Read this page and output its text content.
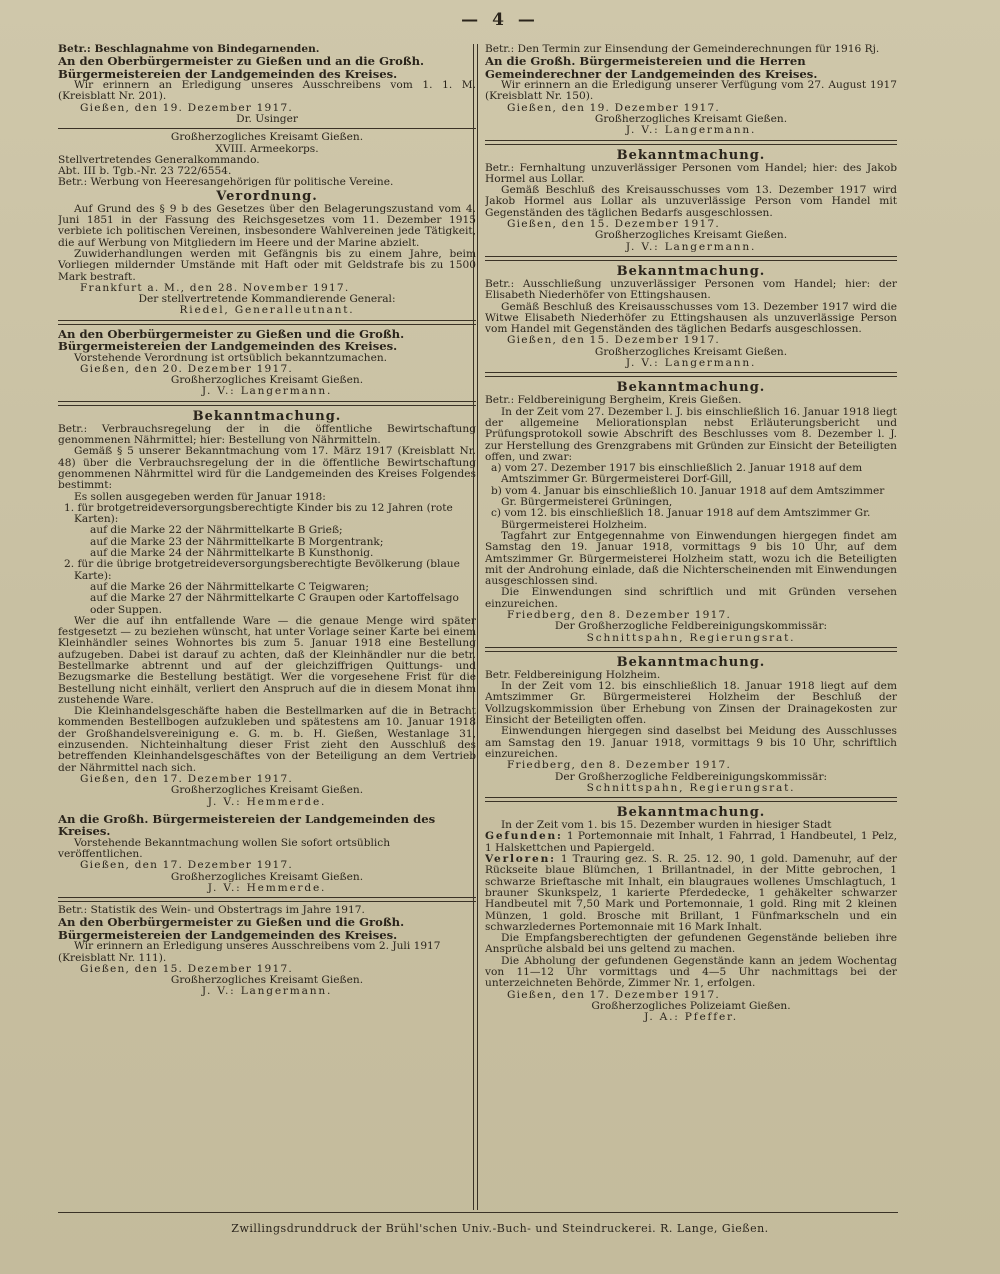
— 4 —

Betr.: Beschlagnahme von Bindegarnenden.

An den Oberbürgermeister zu Gießen und an die Großh. Bürgermeistereien der Landgemeinden des Kreises.

Wir erinnern an Erledigung unseres Ausschreibens vom 1. 1. M. (Kreisblatt Nr. 201).

Gießen, den 19. Dezember 1917.

Dr. Usinger

Großherzogliches Kreisamt Gießen.

XVIII. Armeekorps.

Stellvertretendes Generalkommando.

Abt. III b. Tgb.-Nr. 23 722/6554.

Betr.: Werbung von Heeresangehörigen für politische Vereine.

Verordnung.

Auf Grund des § 9 b des Gesetzes über den Belagerungszustand vom 4. Juni 1851 in der Fassung des Reichsgesetzes vom 11. Dezember 1915 verbiete ich politischen Vereinen, insbesondere Wahlvereinen jede Tätigkeit, die auf Werbung von Mitgliedern im Heere und der Marine abzielt.

Zuwiderhandlungen werden mit Gefängnis bis zu einem Jahre, beim Vorliegen mildernder Umstände mit Haft oder mit Geldstrafe bis zu 1500 Mark bestraft.

Frankfurt a. M., den 28. November 1917.

Der stellvertretende Kommandierende General:

Riedel, Generalleutnant.

An den Oberbürgermeister zu Gießen und die Großh. Bürgermeistereien der Landgemeinden des Kreises.

Vorstehende Verordnung ist ortsüblich bekanntzumachen.

Gießen, den 20. Dezember 1917.

Großherzogliches Kreisamt Gießen.

J. V.: Langermann.

Bekanntmachung.

Betr.: Verbrauchsregelung der in die öffentliche Bewirtschaftung genommenen Nährmittel; hier: Bestellung von Nährmitteln.

Gemäß § 5 unserer Bekanntmachung vom 17. März 1917 (Kreisblatt Nr. 48) über die Verbrauchsregelung der in die öffentliche Bewirtschaftung genommenen Nährmittel wird für die Landgemeinden des Kreises Folgendes bestimmt:

Es sollen ausgegeben werden für Januar 1918:

1. für brotgetreideversorgungsberechtigte Kinder bis zu 12 Jahren (rote Karten):

auf die Marke 22 der Nährmittelkarte B Grieß;

auf die Marke 23 der Nährmittelkarte B Morgentrank;

auf die Marke 24 der Nährmittelkarte B Kunsthonig.

2. für die übrige brotgetreideversorgungsberechtigte Bevölkerung (blaue Karte):

auf die Marke 26 der Nährmittelkarte C Teigwaren;

auf die Marke 27 der Nährmittelkarte C Graupen oder Kartoffelsago oder Suppen.

Wer die auf ihn entfallende Ware — die genaue Menge wird später festgesetzt — zu beziehen wünscht, hat unter Vorlage seiner Karte bei einem Kleinhändler seines Wohnortes bis zum 5. Januar 1918 eine Bestellung aufzugeben. Dabei ist darauf zu achten, daß der Kleinhändler nur die betr. Bestellmarke abtrennt und auf der gleichziffrigen Quittungs- und Bezugsmarke die Bestellung bestätigt. Wer die vorgesehene Frist für die Bestellung nicht einhält, verliert den Anspruch auf die in diesem Monat ihm zustehende Ware.

Die Kleinhandelsgeschäfte haben die Bestellmarken auf die in Betracht kommenden Bestellbogen aufzukleben und spätestens am 10. Januar 1918 der Großhandelsvereinigung e. G. m. b. H. Gießen, Westanlage 31, einzusenden. Nichteinhaltung dieser Frist zieht den Ausschluß des betreffenden Kleinhandelsgeschäftes von der Beteiligung an dem Vertrieb der Nährmittel nach sich.

Gießen, den 17. Dezember 1917.

Großherzogliches Kreisamt Gießen.

J. V.: Hemmerde.

An die Großh. Bürgermeistereien der Landgemeinden des Kreises.

Vorstehende Bekanntmachung wollen Sie sofort ortsüblich veröffentlichen.

Gießen, den 17. Dezember 1917.

Großherzogliches Kreisamt Gießen.

J. V.: Hemmerde.

Betr.: Statistik des Wein- und Obstertrags im Jahre 1917.

An den Oberbürgermeister zu Gießen und die Großh. Bürgermeistereien der Landgemeinden des Kreises.

Wir erinnern an Erledigung unseres Ausschreibens vom 2. Juli 1917 (Kreisblatt Nr. 111).

Gießen, den 15. Dezember 1917.

Großherzogliches Kreisamt Gießen.

J. V.: Langermann.

Betr.: Den Termin zur Einsendung der Gemeinderechnungen für 1916 Rj.

An die Großh. Bürgermeistereien und die Herren Gemeinderechner der Landgemeinden des Kreises.

Wir erinnern an die Erledigung unserer Verfügung vom 27. August 1917 (Kreisblatt Nr. 150).

Gießen, den 19. Dezember 1917.

Großherzogliches Kreisamt Gießen.

J. V.: Langermann.

Bekanntmachung.

Betr.: Fernhaltung unzuverlässiger Personen vom Handel; hier: des Jakob Hormel aus Lollar.

Gemäß Beschluß des Kreisausschusses vom 13. Dezember 1917 wird Jakob Hormel aus Lollar als unzuverlässige Person vom Handel mit Gegenständen des täglichen Bedarfs ausgeschlossen.

Gießen, den 15. Dezember 1917.

Großherzogliches Kreisamt Gießen.

J. V.: Langermann.

Bekanntmachung.

Betr.: Ausschließung unzuverlässiger Personen vom Handel; hier: der Elisabeth Niederhöfer von Ettingshausen.

Gemäß Beschluß des Kreisausschusses vom 13. Dezember 1917 wird die Witwe Elisabeth Niederhöfer zu Ettingshausen als unzuverlässige Person vom Handel mit Gegenständen des täglichen Bedarfs ausgeschlossen.

Gießen, den 15. Dezember 1917.

Großherzogliches Kreisamt Gießen.

J. V.: Langermann.

Bekanntmachung.

Betr.: Feldbereinigung Bergheim, Kreis Gießen.

In der Zeit vom 27. Dezember l. J. bis einschließlich 16. Januar 1918 liegt der allgemeine Meliorationsplan nebst Erläuterungsbericht und Prüfungsprotokoll sowie Abschrift des Beschlusses vom 8. Dezember l. J. zur Herstellung des Grenzgrabens mit Gründen zur Einsicht der Beteiligten offen, und zwar:

a) vom 27. Dezember 1917 bis einschließlich 2. Januar 1918 auf dem Amtszimmer Gr. Bürgermeisterei Dorf-Gill,

b) vom 4. Januar bis einschließlich 10. Januar 1918 auf dem Amtszimmer Gr. Bürgermeisterei Grüningen,

c) vom 12. bis einschließlich 18. Januar 1918 auf dem Amtszimmer Gr. Bürgermeisterei Holzheim.

Tagfahrt zur Entgegennahme von Einwendungen hiergegen findet am Samstag den 19. Januar 1918, vormittags 9 bis 10 Uhr, auf dem Amtszimmer Gr. Bürgermeisterei Holzheim statt, wozu ich die Beteiligten mit der Androhung einlade, daß die Nichterscheinenden mit Einwendungen ausgeschlossen sind.

Die Einwendungen sind schriftlich und mit Gründen versehen einzureichen.

Friedberg, den 8. Dezember 1917.

Der Großherzogliche Feldbereinigungskommissär:

Schnittspahn, Regierungsrat.

Bekanntmachung.

Betr. Feldbereinigung Holzheim.

In der Zeit vom 12. bis einschließlich 18. Januar 1918 liegt auf dem Amtszimmer Gr. Bürgermeisterei Holzheim der Beschluß der Vollzugskommission über Erhebung von Zinsen der Drainagekosten zur Einsicht der Beteiligten offen.

Einwendungen hiergegen sind daselbst bei Meidung des Ausschlusses am Samstag den 19. Januar 1918, vormittags 9 bis 10 Uhr, schriftlich einzureichen.

Friedberg, den 8. Dezember 1917.

Der Großherzogliche Feldbereinigungskommissär:

Schnittspahn, Regierungsrat.

Bekanntmachung.

In der Zeit vom 1. bis 15. Dezember wurden in hiesiger Stadt

Gefunden: 1 Portemonnaie mit Inhalt, 1 Fahrrad, 1 Handbeutel, 1 Pelz, 1 Halskettchen und Papiergeld.

Verloren: 1 Trauring gez. S. R. 25. 12. 90, 1 gold. Damenuhr, auf der Rückseite blaue Blümchen, 1 Brillantnadel, in der Mitte gebrochen, 1 schwarze Brieftasche mit Inhalt, ein blaugraues wollenes Umschlagtuch, 1 brauner Skunkspelz, 1 karierte Pferdedecke, 1 gehäkelter schwarzer Handbeutel mit 7,50 Mark und Portemonnaie, 1 gold. Ring mit 2 kleinen Münzen, 1 gold. Brosche mit Brillant, 1 Fünfmarkscheln und ein schwarzledernes Portemonnaie mit 16 Mark Inhalt.

Die Empfangsberechtigten der gefundenen Gegenstände belieben ihre Ansprüche alsbald bei uns geltend zu machen.

Die Abholung der gefundenen Gegenstände kann an jedem Wochentag von 11—12 Uhr vormittags und 4—5 Uhr nachmittags bei der unterzeichneten Behörde, Zimmer Nr. 1, erfolgen.

Gießen, den 17. Dezember 1917.

Großherzogliches Polizeiamt Gießen.

J. A.: Pfeffer.

Zwillingsdrunddruck der Brühl'schen Univ.-Buch- und Steindruckerei. R. Lange, Gießen.
